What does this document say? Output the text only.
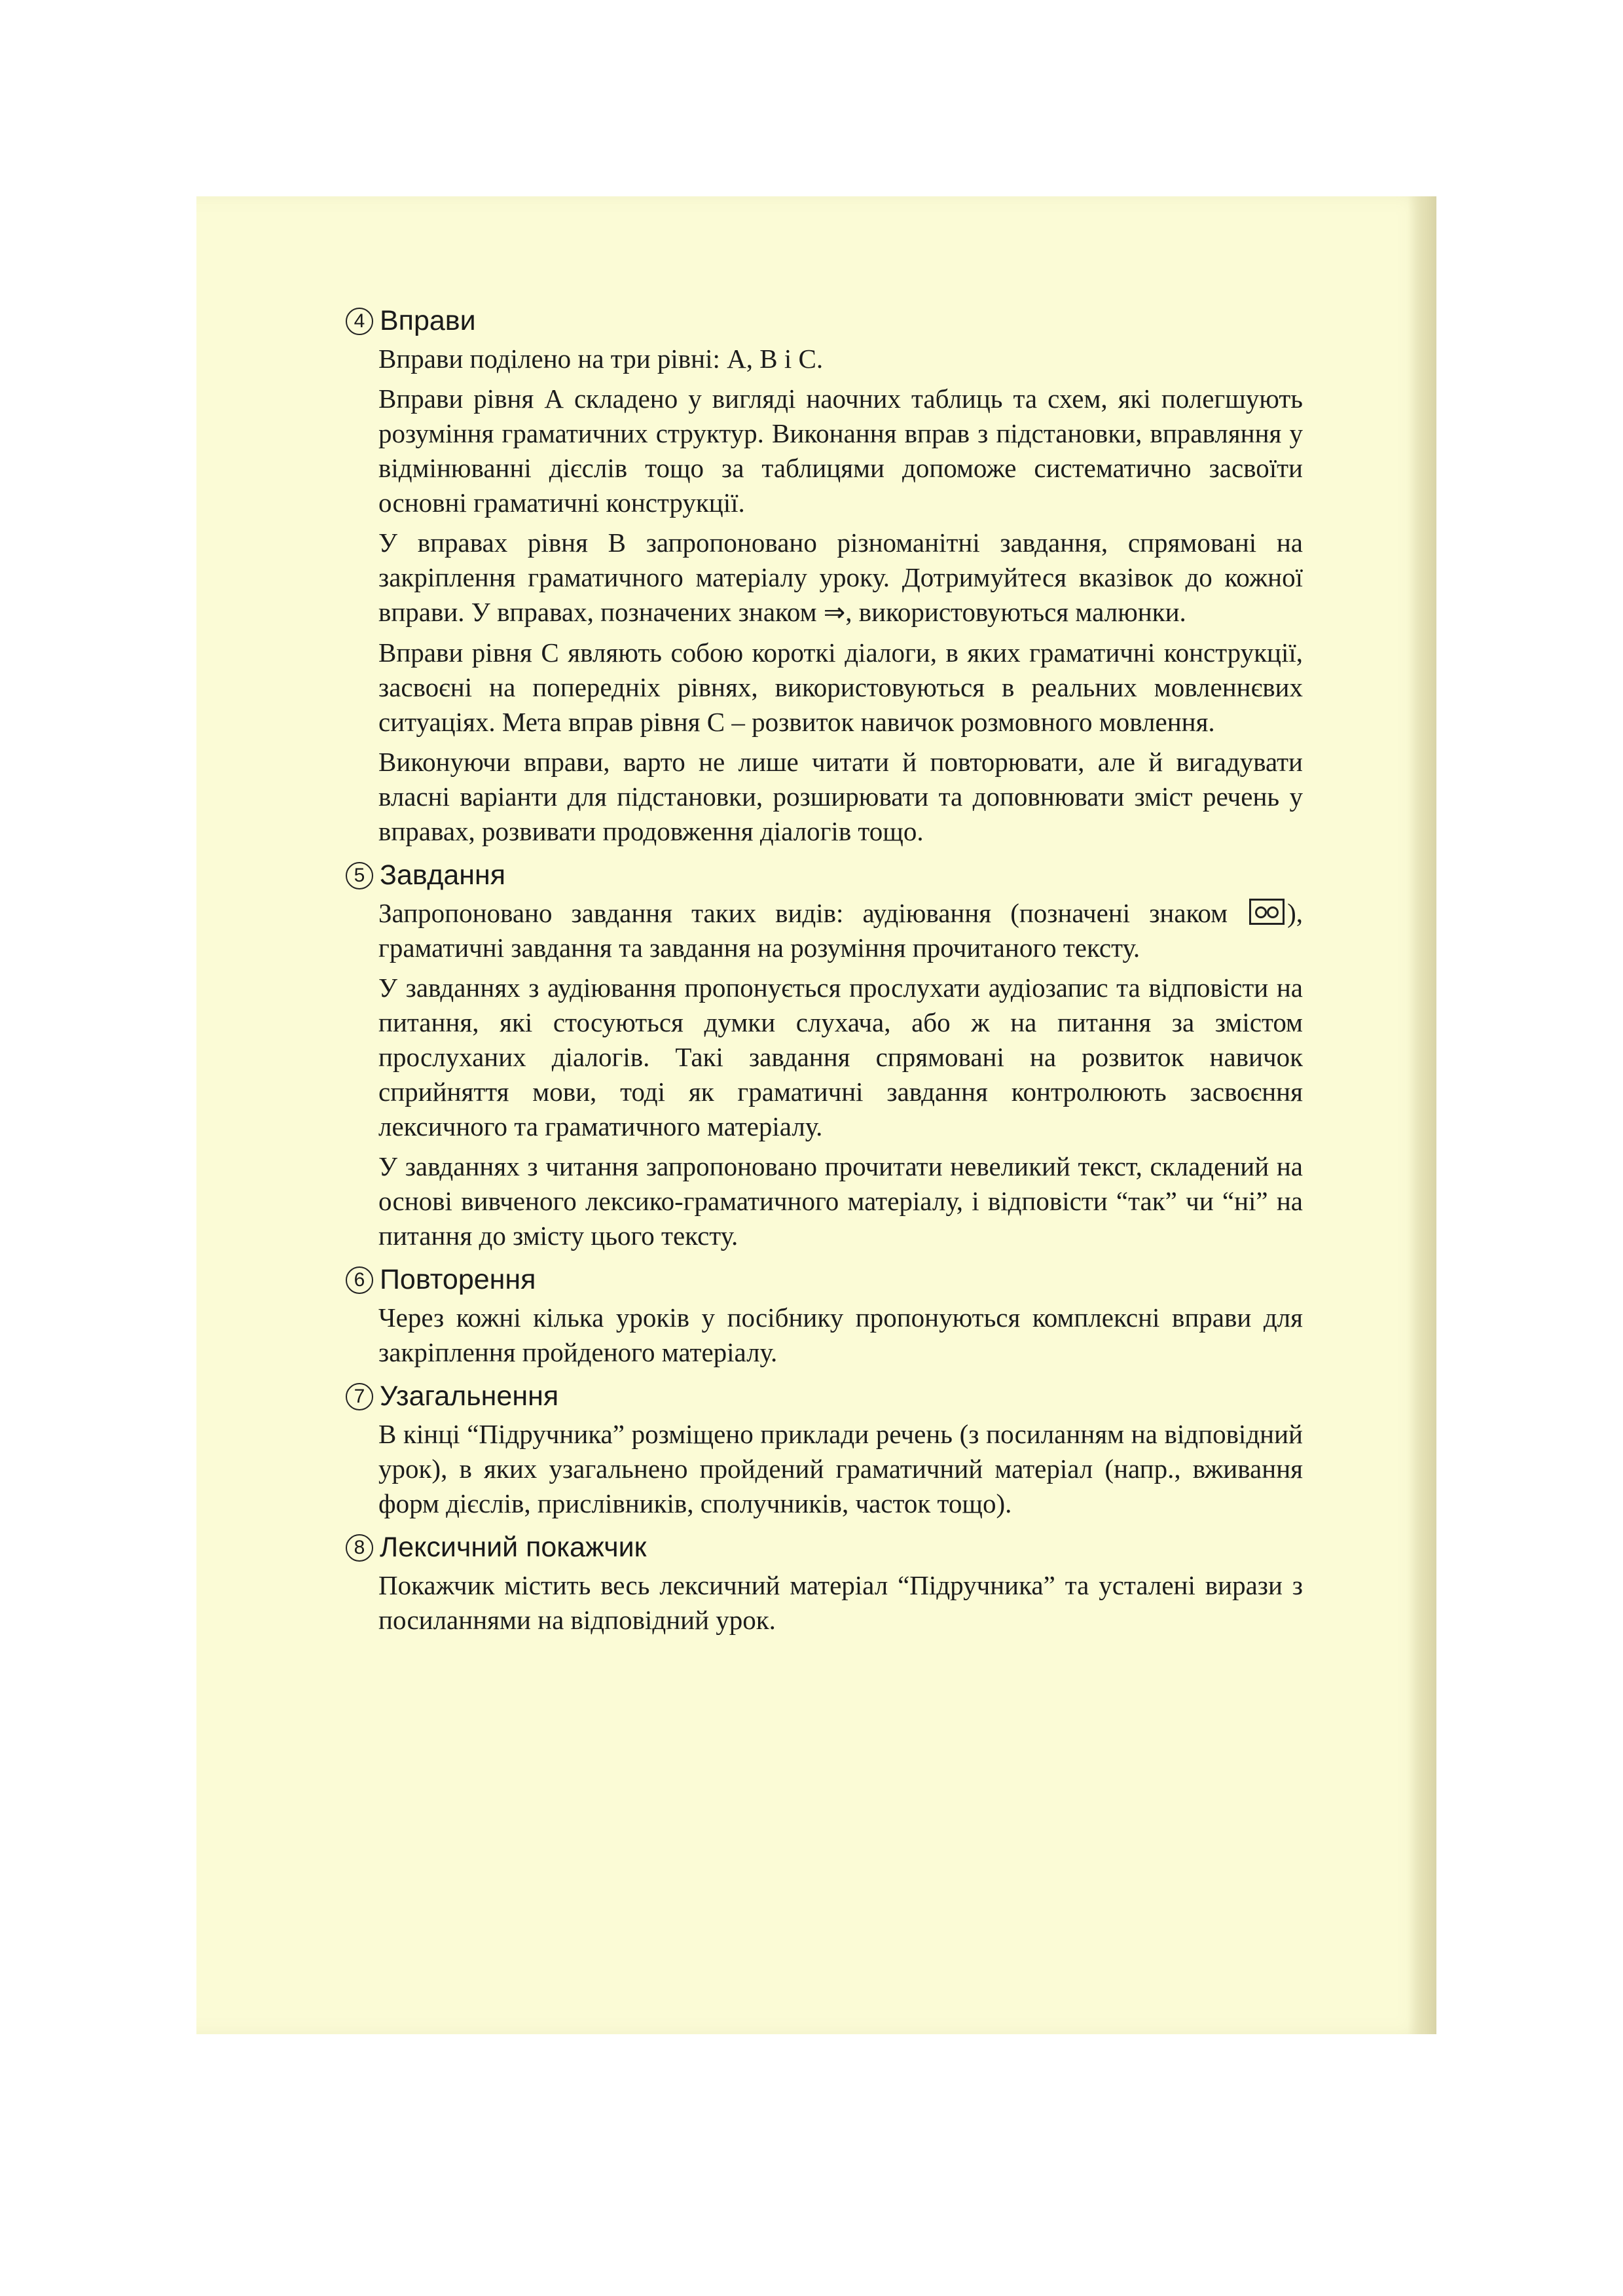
4 Вправи

Вправи поділено на три рівні: А, В і С.

Вправи рівня А складено у вигляді наочних таблиць та схем, які полегшують розуміння граматичних структур. Виконання вправ з підстановки, вправляння у відмінюванні дієслів тощо за таблицями допоможе систематично засвоїти основні граматичні конструкції.

У вправах рівня В запропоновано різноманітні завдання, спрямовані на закріплення граматичного матеріалу уроку. Дотримуйтеся вказівок до кожної вправи. У вправах, позначених знаком ⇒, використовуються малюнки.

Вправи рівня С являють собою короткі діалоги, в яких граматичні конструкції, засвоєні на попередніх рівнях, використовуються в реальних мовленнєвих ситуаціях. Мета вправ рівня С – розвиток навичок розмовного мовлення.

Виконуючи вправи, варто не лише читати й повторювати, але й вигадувати власні варіанти для підстановки, розширювати та доповнювати зміст речень у вправах, розвивати продовження діалогів тощо.

5 Завдання

Запропоновано завдання таких видів: аудіювання (позначені знаком ), граматичні завдання та завдання на розуміння прочитаного тексту.

У завданнях з аудіювання пропонується прослухати аудіозапис та відповісти на питання, які стосуються думки слухача, або ж на питання за змістом прослуханих діалогів. Такі завдання спрямовані на розвиток навичок сприйняття мови, тоді як граматичні завдання контролюють засвоєння лексичного та граматичного матеріалу.

У завданнях з читання запропоновано прочитати невеликий текст, складений на основі вивченого лексико-граматичного матеріалу, і відповісти “так” чи “ні” на питання до змісту цього тексту.

6 Повторення

Через кожні кілька уроків у посібнику пропонуються комплексні вправи для закріплення пройденого матеріалу.

7 Узагальнення

В кінці “Підручника” розміщено приклади речень (з посиланням на відповідний урок), в яких узагальнено пройдений граматичний матеріал (напр., вживання форм дієслів, прислівників, сполучників, часток тощо).

8 Лексичний покажчик

Покажчик містить весь лексичний матеріал “Підручника” та усталені вирази з посиланнями на відповідний урок.
